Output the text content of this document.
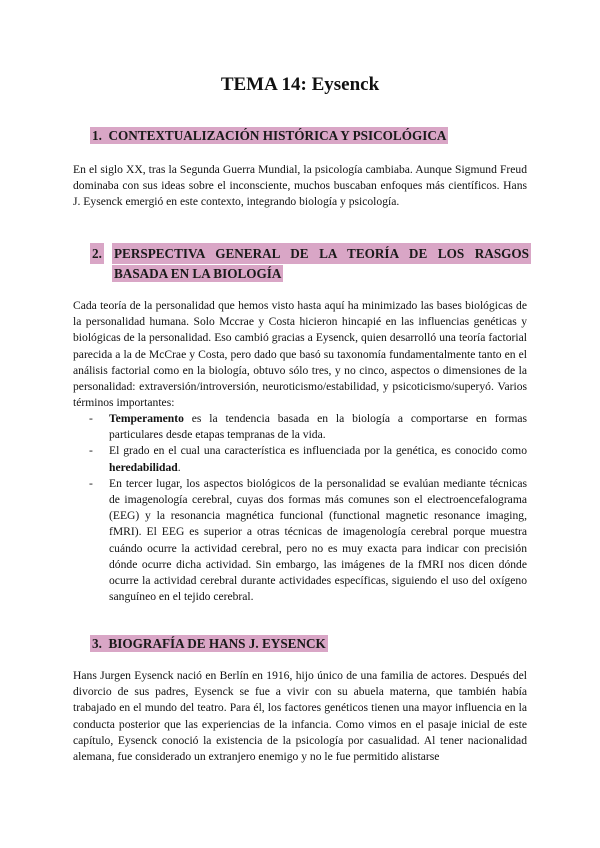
TEMA 14: Eysenck
1. CONTEXTUALIZACIÓN HISTÓRICA Y PSICOLÓGICA

En el siglo XX, tras la Segunda Guerra Mundial, la psicología cambiaba. Aunque Sigmund Freud dominaba con sus ideas sobre el inconsciente, muchos buscaban enfoques más científicos. Hans J. Eysenck emergió en este contexto, integrando biología y psicología.

2. PERSPECTIVA GENERAL DE LA TEORÍA DE LOS RASGOS
BASADA EN LA BIOLOGÍA

Cada teoría de la personalidad que hemos visto hasta aquí ha minimizado las bases biológicas de la personalidad humana. Solo Mccrae y Costa hicieron hincapié en las influencias genéticas y biológicas de la personalidad. Eso cambió gracias a Eysenck, quien desarrolló una teoría factorial parecida a la de McCrae y Costa, pero dado que basó su taxonomía fundamentalmente tanto en el análisis factorial como en la biología, obtuvo sólo tres, y no cinco, aspectos o dimensiones de la personalidad: extraversión/introversión, neuroticismo/estabilidad, y psicoticismo/superyó. Varios términos importantes:

- Temperamento es la tendencia basada en la biología a comportarse en formas particulares desde etapas tempranas de la vida.
- El grado en el cual una característica es influenciada por la genética, es conocido como heredabilidad.
- En tercer lugar, los aspectos biológicos de la personalidad se evalúan mediante técnicas de imagenología cerebral, cuyas dos formas más comunes son el electroencefalograma (EEG) y la resonancia magnética funcional (functional magnetic resonance imaging, fMRI). El EEG es superior a otras técnicas de imagenología cerebral porque muestra cuándo ocurre la actividad cerebral, pero no es muy exacta para indicar con precisión dónde ocurre dicha actividad. Sin embargo, las imágenes de la fMRI nos dicen dónde ocurre la actividad cerebral durante actividades específicas, siguiendo el uso del oxígeno sanguíneo en el tejido cerebral.
3. BIOGRAFÍA DE HANS J. EYSENCK

Hans Jurgen Eysenck nació en Berlín en 1916, hijo único de una familia de actores. Después del divorcio de sus padres, Eysenck se fue a vivir con su abuela materna, que también había trabajado en el mundo del teatro. Para él, los factores genéticos tienen una mayor influencia en la conducta posterior que las experiencias de la infancia. Como vimos en el pasaje inicial de este capítulo, Eysenck conoció la existencia de la psicología por casualidad. Al tener nacionalidad alemana, fue considerado un extranjero enemigo y no le fue permitido alistarse
